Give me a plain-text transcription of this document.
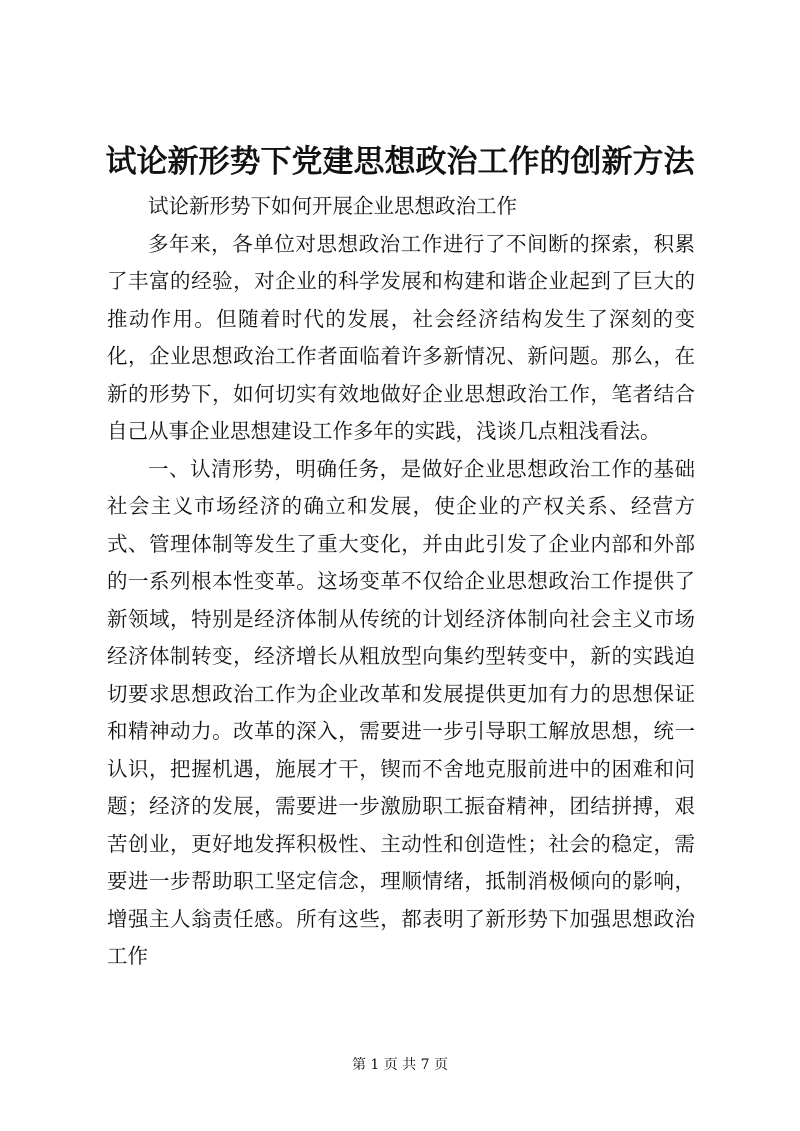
试论新形势下党建思想政治工作的创新方法

试论新形势下如何开展企业思想政治工作

多年来，各单位对思想政治工作进行了不间断的探索，积累了丰富的经验，对企业的科学发展和构建和谐企业起到了巨大的推动作用。但随着时代的发展，社会经济结构发生了深刻的变化，企业思想政治工作者面临着许多新情况、新问题。那么，在新的形势下，如何切实有效地做好企业思想政治工作，笔者结合自己从事企业思想建设工作多年的实践，浅谈几点粗浅看法。

一、认清形势，明确任务，是做好企业思想政治工作的基础社会主义市场经济的确立和发展，使企业的产权关系、经营方式、管理体制等发生了重大变化，并由此引发了企业内部和外部的一系列根本性变革。这场变革不仅给企业思想政治工作提供了新领域，特别是经济体制从传统的计划经济体制向社会主义市场经济体制转变，经济增长从粗放型向集约型转变中，新的实践迫切要求思想政治工作为企业改革和发展提供更加有力的思想保证和精神动力。改革的深入，需要进一步引导职工解放思想，统一认识，把握机遇，施展才干，锲而不舍地克服前进中的困难和问题；经济的发展，需要进一步激励职工振奋精神，团结拼搏，艰苦创业，更好地发挥积极性、主动性和创造性；社会的稳定，需要进一步帮助职工坚定信念，理顺情绪，抵制消极倾向的影响，增强主人翁责任感。所有这些，都表明了新形势下加强思想政治工作

第 1 页 共 7 页
